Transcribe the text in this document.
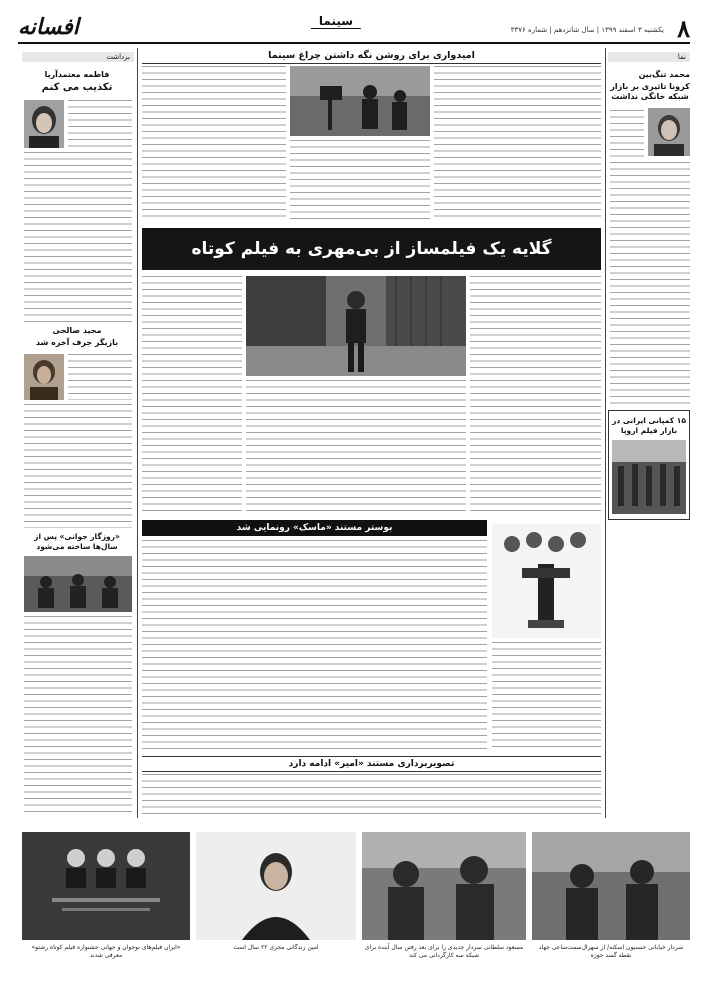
۸
یکشنبه ۳ اسفند ۱۳۹۹ | سال شانزدهم | شماره ۳۳۷۶
افسانه	سینما
نما
محمد تنگ‌بین
کرونا تاثیری بر بازار شبکه خانگی نداشت
۱۵ کمپانی ایرانی در بازار فیلم اروپا
برداشت
فاطمه معتمدآریا
تکذیب می کنم
مجید صالحی
بازیگر جرف آخره شد
«روزگار جوانی» پس از سال‌ها ساخته می‌شود
امیدواری برای روشن نگه داشتن چراغ سینما
گلایه یک فیلمساز از بی‌مهری به فیلم کوتاه
بوستر مستند «ماسک» رونمایی شد
تصویربرداری مستند «امیر» ادامه دارد
سردار خیابانی حسنیون اسکنه/ از سهرال‌سمت‌ساعی جهاد نقطه گسد حوزه
مسعود سلطانی سردار جدیدی را برای بعد رفتن سال آینده برای شبکه سه کارگردانی می کند
امین زندگانی مجری ۲۲ سال است
«ایران فیلم‌های نوجوان و جهانی جشنواره فیلم کوتاه رشتو» معرفی شدند
